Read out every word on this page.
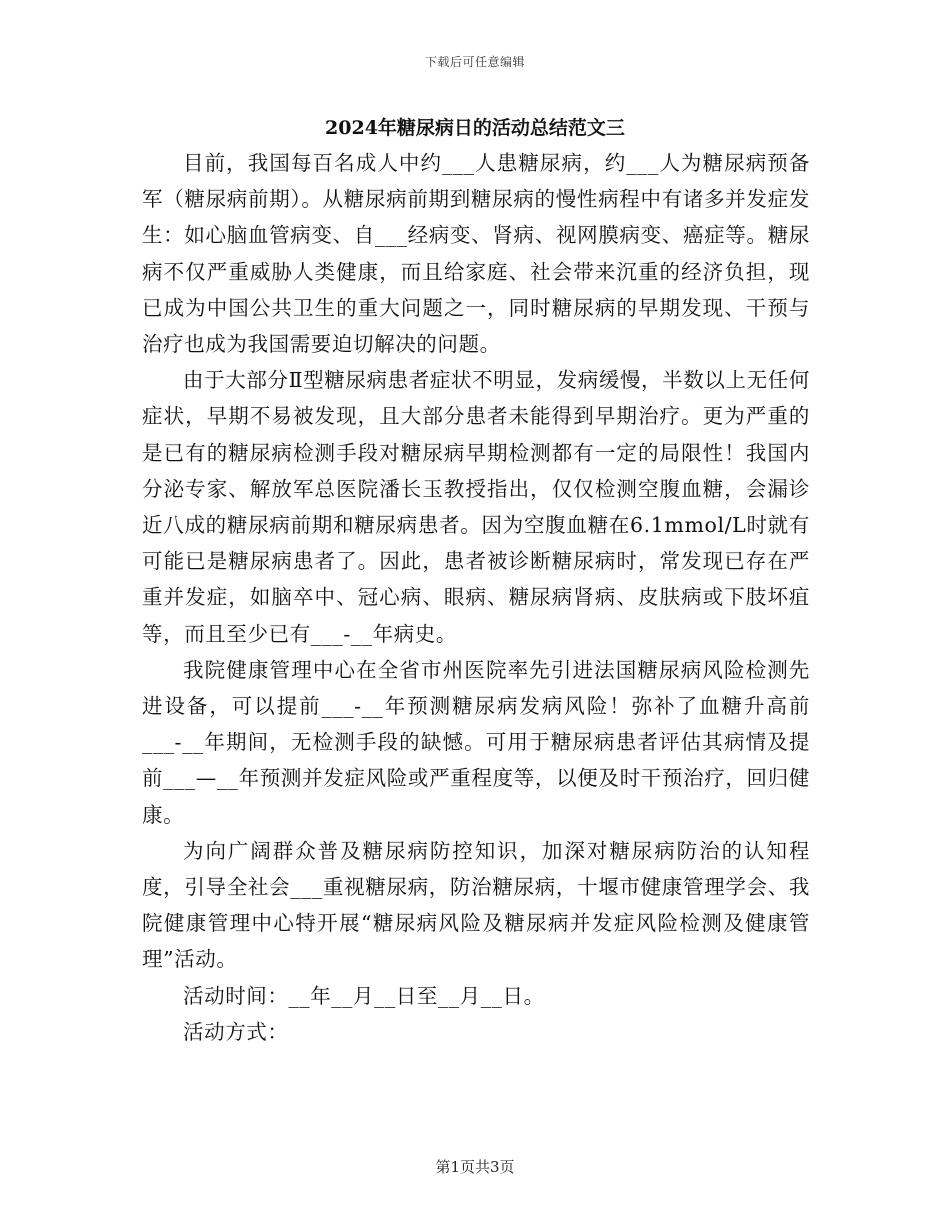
下载后可任意编辑
2024年糖尿病日的活动总结范文三

目前，我国每百名成人中约___人患糖尿病，约___人为糖尿病预备军（糖尿病前期）。从糖尿病前期到糖尿病的慢性病程中有诸多并发症发生：如心脑血管病变、自___经病变、肾病、视网膜病变、癌症等。糖尿病不仅严重威胁人类健康，而且给家庭、社会带来沉重的经济负担，现已成为中国公共卫生的重大问题之一，同时糖尿病的早期发现、干预与治疗也成为我国需要迫切解决的问题。

由于大部分Ⅱ型糖尿病患者症状不明显，发病缓慢，半数以上无任何症状，早期不易被发现，且大部分患者未能得到早期治疗。更为严重的是已有的糖尿病检测手段对糖尿病早期检测都有一定的局限性！我国内分泌专家、解放军总医院潘长玉教授指出，仅仅检测空腹血糖，会漏诊近八成的糖尿病前期和糖尿病患者。因为空腹血糖在6.1mmol/L时就有可能已是糖尿病患者了。因此，患者被诊断糖尿病时，常发现已存在严重并发症，如脑卒中、冠心病、眼病、糖尿病肾病、皮肤病或下肢坏疽等，而且至少已有___-__年病史。

我院健康管理中心在全省市州医院率先引进法国糖尿病风险检测先进设备，可以提前___-__年预测糖尿病发病风险！弥补了血糖升高前___-__年期间，无检测手段的缺憾。可用于糖尿病患者评估其病情及提前___—__年预测并发症风险或严重程度等，以便及时干预治疗，回归健康。

为向广阔群众普及糖尿病防控知识，加深对糖尿病防治的认知程度，引导全社会___重视糖尿病，防治糖尿病，十堰市健康管理学会、我院健康管理中心特开展“糖尿病风险及糖尿病并发症风险检测及健康管理”活动。

活动时间：__年__月__日至__月__日。

活动方式：

第1页共3页
